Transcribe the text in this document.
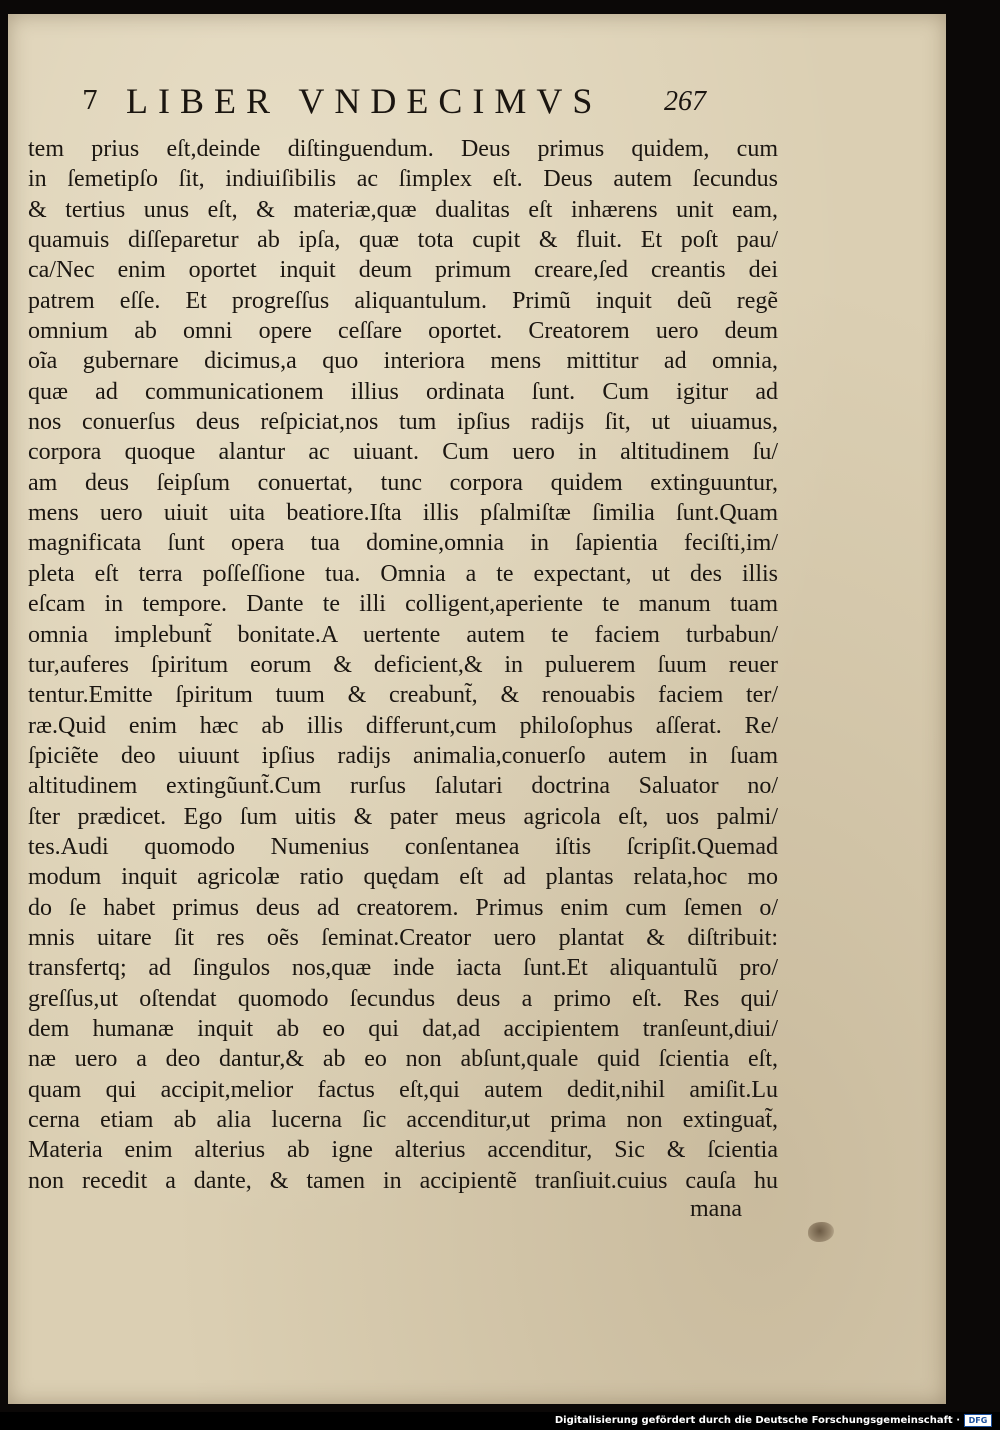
7 LIBER VNDECIMVS 267
tem prius eſt,deinde diſtinguendum. Deus primus quidem, cum
in ſemetipſo ſit, indiuiſibilis ac ſimplex eſt. Deus autem ſecundus
& tertius unus eſt, & materiæ,quæ dualitas eſt inhærens unit eam,
quamuis diſſeparetur ab ipſa, quæ tota cupit & fluit. Et poſt pau/
ca/Nec enim oportet inquit deum primum creare,ſed creantis dei
patrem eſſe. Et progreſſus aliquantulum. Primũ inquit deũ regẽ
omnium ab omni opere ceſſare oportet. Creatorem uero deum
oĩa gubernare dicimus,a quo interiora mens mittitur ad omnia,
quæ ad communicationem illius ordinata ſunt. Cum igitur ad
nos conuerſus deus reſpiciat,nos tum ipſius radijs ſit, ut uiuamus,
corpora quoque alantur ac uiuant. Cum uero in altitudinem ſu/
am deus ſeipſum conuertat, tunc corpora quidem extinguuntur,
mens uero uiuit uita beatiore.Iſta illis pſalmiſtæ ſimilia ſunt.Quam
magnificata ſunt opera tua domine,omnia in ſapientia feciſti,im/
pleta eſt terra poſſeſſione tua. Omnia a te expectant, ut des illis
eſcam in tempore. Dante te illi colligent,aperiente te manum tuam
omnia implebunt̃ bonitate.A uertente autem te faciem turbabun/
tur,auferes ſpiritum eorum & deficient,& in puluerem ſuum reuer
tentur.Emitte ſpiritum tuum & creabunt̃, & renouabis faciem ter/
ræ.Quid enim hæc ab illis differunt,cum philoſophus aſſerat. Re/
ſpiciẽte deo uiuunt ipſius radijs animalia,conuerſo autem in ſuam
altitudinem extingũunt̃.Cum rurſus ſalutari doctrina Saluator no/
ſter prædicet. Ego ſum uitis & pater meus agricola eſt, uos palmi/
tes.Audi quomodo Numenius conſentanea iſtis ſcripſit.Quemad
modum inquit agricolæ ratio quędam eſt ad plantas relata,hoc mo
do ſe habet primus deus ad creatorem. Primus enim cum ſemen o/
mnis uitare ſit res oẽs ſeminat.Creator uero plantat & diſtribuit:
transfertq; ad ſingulos nos,quæ inde iacta ſunt.Et aliquantulũ pro/
greſſus,ut oſtendat quomodo ſecundus deus a primo eſt. Res qui/
dem humanæ inquit ab eo qui dat,ad accipientem tranſeunt,diui/
næ uero a deo dantur,& ab eo non abſunt,quale quid ſcientia eſt,
quam qui accipit,melior factus eſt,qui autem dedit,nihil amiſit.Lu
cerna etiam ab alia lucerna ſic accenditur,ut prima non extinguat̃,
Materia enim alterius ab igne alterius accenditur, Sic & ſcientia
non recedit a dante, & tamen in accipientẽ tranſiuit.cuius cauſa hu
mana
Digitalisierung gefördert durch die Deutsche Forschungsgemeinschaft ·	DFG
